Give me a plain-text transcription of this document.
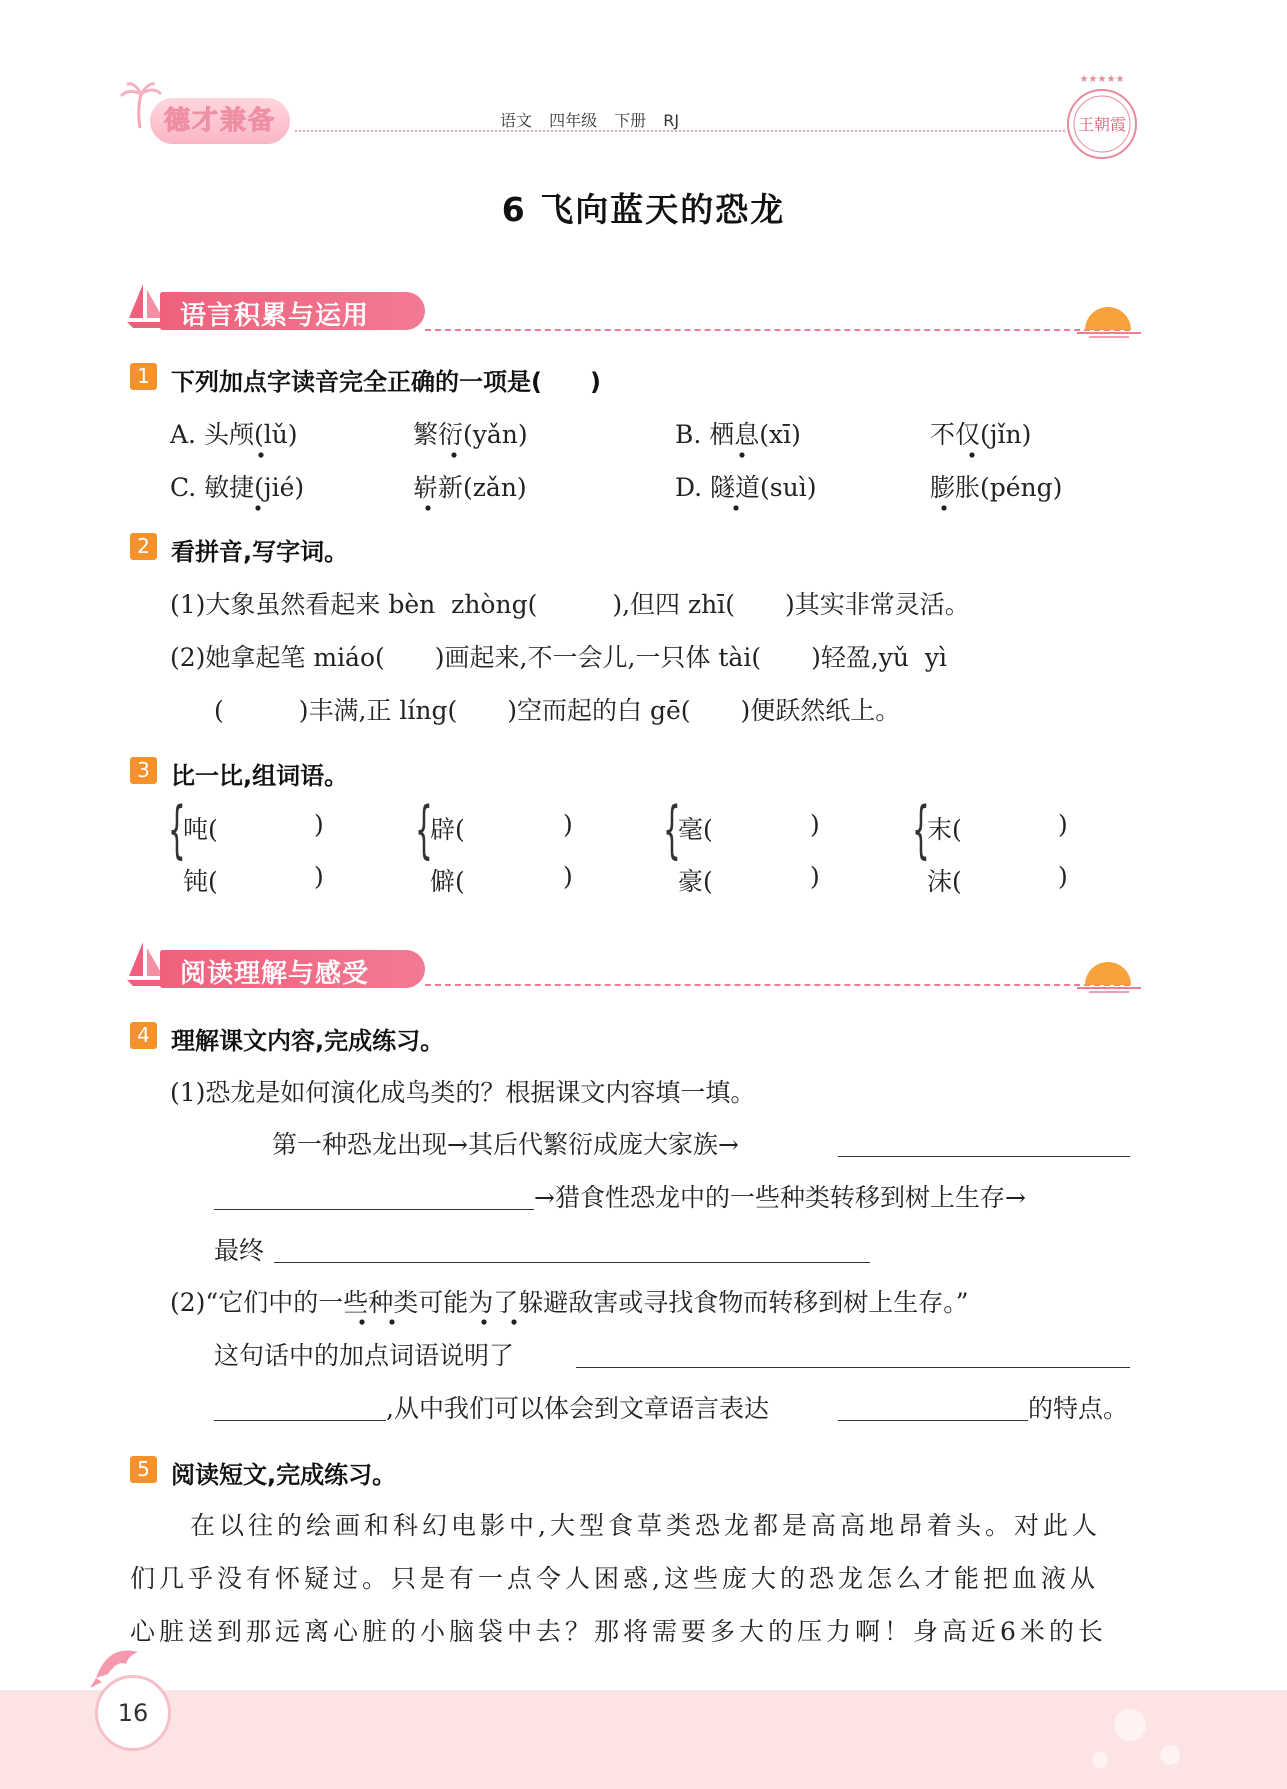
德才兼备	语文 四年级 下册 RJ
★★★★★
王朝霞
6 飞向蓝天的恐龙
语言积累与运用
1 下列加点字读音完全正确的一项是(　　)
A. 头颅(lǔ)	繁衍(yǎn)	B. 栖息(xī)	不仅(jǐn)
C. 敏捷(jié)	崭新(zǎn)	D. 隧道(suì)	膨胀(péng)
2 看拼音,写字词。
(1)大象虽然看起来 bèn  zhòng(　　　),但四 zhī(　　)其实非常灵活。
(2)她拿起笔 miáo(　　)画起来,不一会儿,一只体 tài(　　)轻盈,yǔ  yì
(　　　)丰满,正 líng(　　)空而起的白 gē(　　)便跃然纸上。
3 比一比,组词语。
{
吨(	)
钝(	)
{
辟(	)
僻(	)
{
毫(	)
豪(	)
{
末(	)
沫(	)
阅读理解与感受
4 理解课文内容,完成练习。
(1)恐龙是如何演化成鸟类的？根据课文内容填一填。
第一种恐龙出现→其后代繁衍成庞大家族→
→猎食性恐龙中的一些种类转移到树上生存→
最终
(2)“它们中的一些种类可能为了躲避敌害或寻找食物而转移到树上生存。”
这句话中的加点词语说明了
,从中我们可以体会到文章语言表达	的特点。
5 阅读短文,完成练习。
在以往的绘画和科幻电影中,大型食草类恐龙都是高高地昂着头。对此人
们几乎没有怀疑过。只是有一点令人困惑,这些庞大的恐龙怎么才能把血液从
心脏送到那远离心脏的小脑袋中去？那将需要多大的压力啊！身高近6米的长
16
